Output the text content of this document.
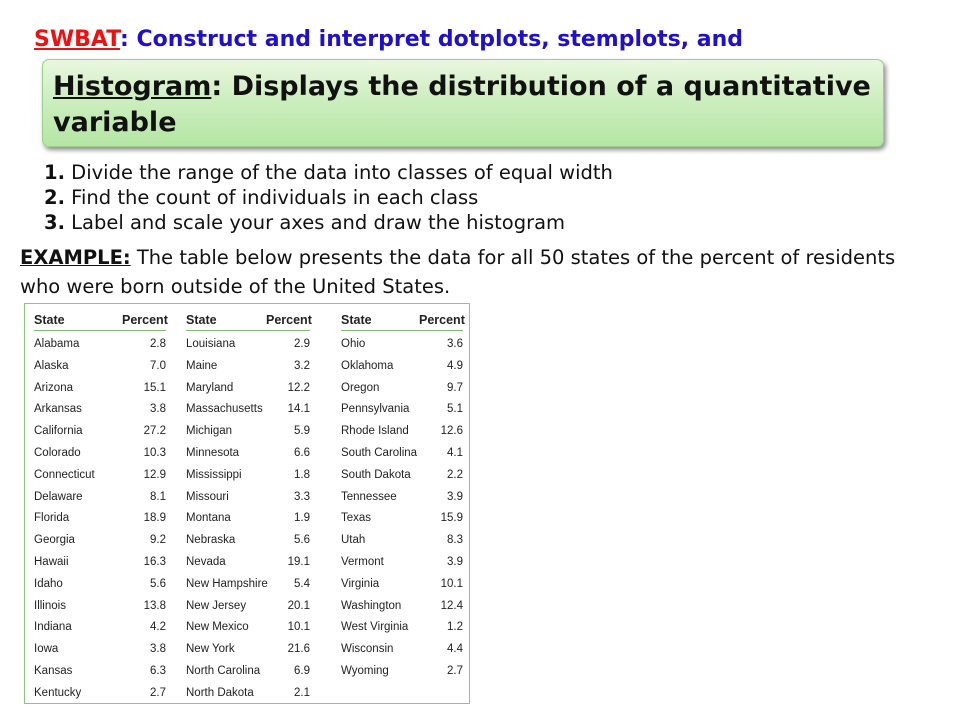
SWBAT: Construct and interpret dotplots, stemplots, and
Histogram: Displays the distribution of a quantitative variable
1. Divide the range of the data into classes of equal width
2. Find the count of individuals in each class
3. Label and scale your axes and draw the histogram

EXAMPLE: The table below presents the data for all 50 states of the percent of residents who were born outside of the United States.

State	Percent
Alabama	2.8
Alaska	7.0
Arizona	15.1
Arkansas	3.8
California	27.2
Colorado	10.3
Connecticut	12.9
Delaware	8.1
Florida	18.9
Georgia	9.2
Hawaii	16.3
Idaho	5.6
Illinois	13.8
Indiana	4.2
Iowa	3.8
Kansas	6.3
Kentucky	2.7
State	Percent
Louisiana	2.9
Maine	3.2
Maryland	12.2
Massachusetts	14.1
Michigan	5.9
Minnesota	6.6
Mississippi	1.8
Missouri	3.3
Montana	1.9
Nebraska	5.6
Nevada	19.1
New Hampshire	5.4
New Jersey	20.1
New Mexico	10.1
New York	21.6
North Carolina	6.9
North Dakota	2.1
State	Percent
Ohio	3.6
Oklahoma	4.9
Oregon	9.7
Pennsylvania	5.1
Rhode Island	12.6
South Carolina	4.1
South Dakota	2.2
Tennessee	3.9
Texas	15.9
Utah	8.3
Vermont	3.9
Virginia	10.1
Washington	12.4
West Virginia	1.2
Wisconsin	4.4
Wyoming	2.7
